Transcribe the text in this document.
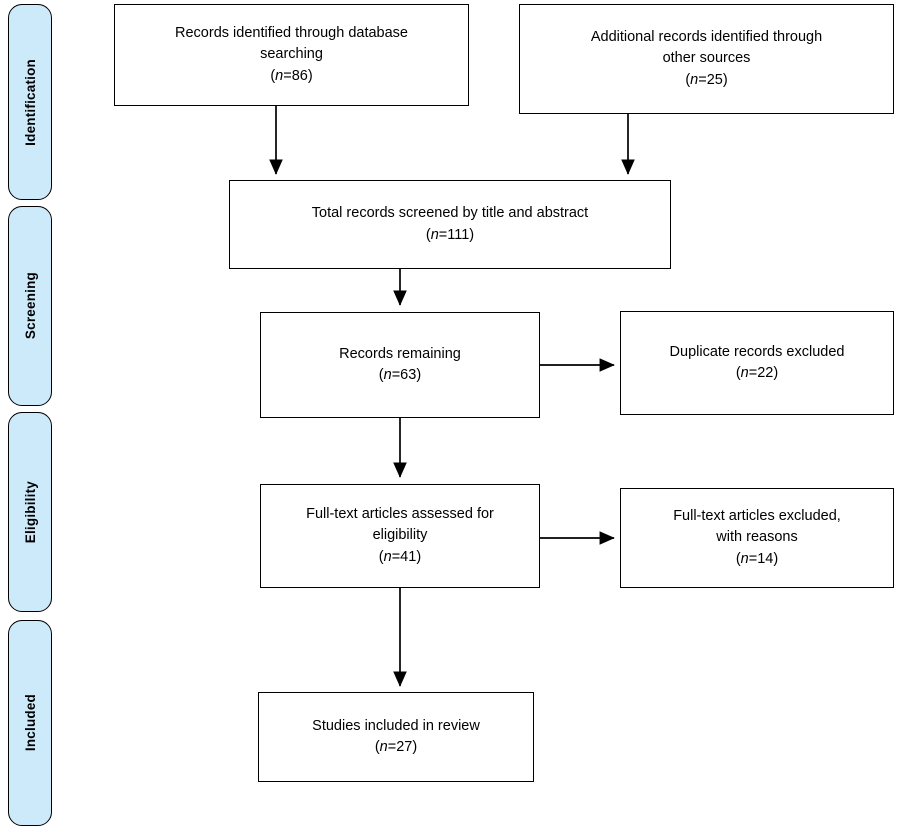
Identification
Screening
Eligibility
Included
Records identified through database
searching
(n=86)
Additional records identified through
other sources
(n=25)
Total records screened by title and abstract
(n=111)
Records remaining
(n=63)
Duplicate records excluded
(n=22)
Full-text articles assessed for
eligibility
(n=41)
Full-text articles excluded,
with reasons
(n=14)
Studies included in review
(n=27)
